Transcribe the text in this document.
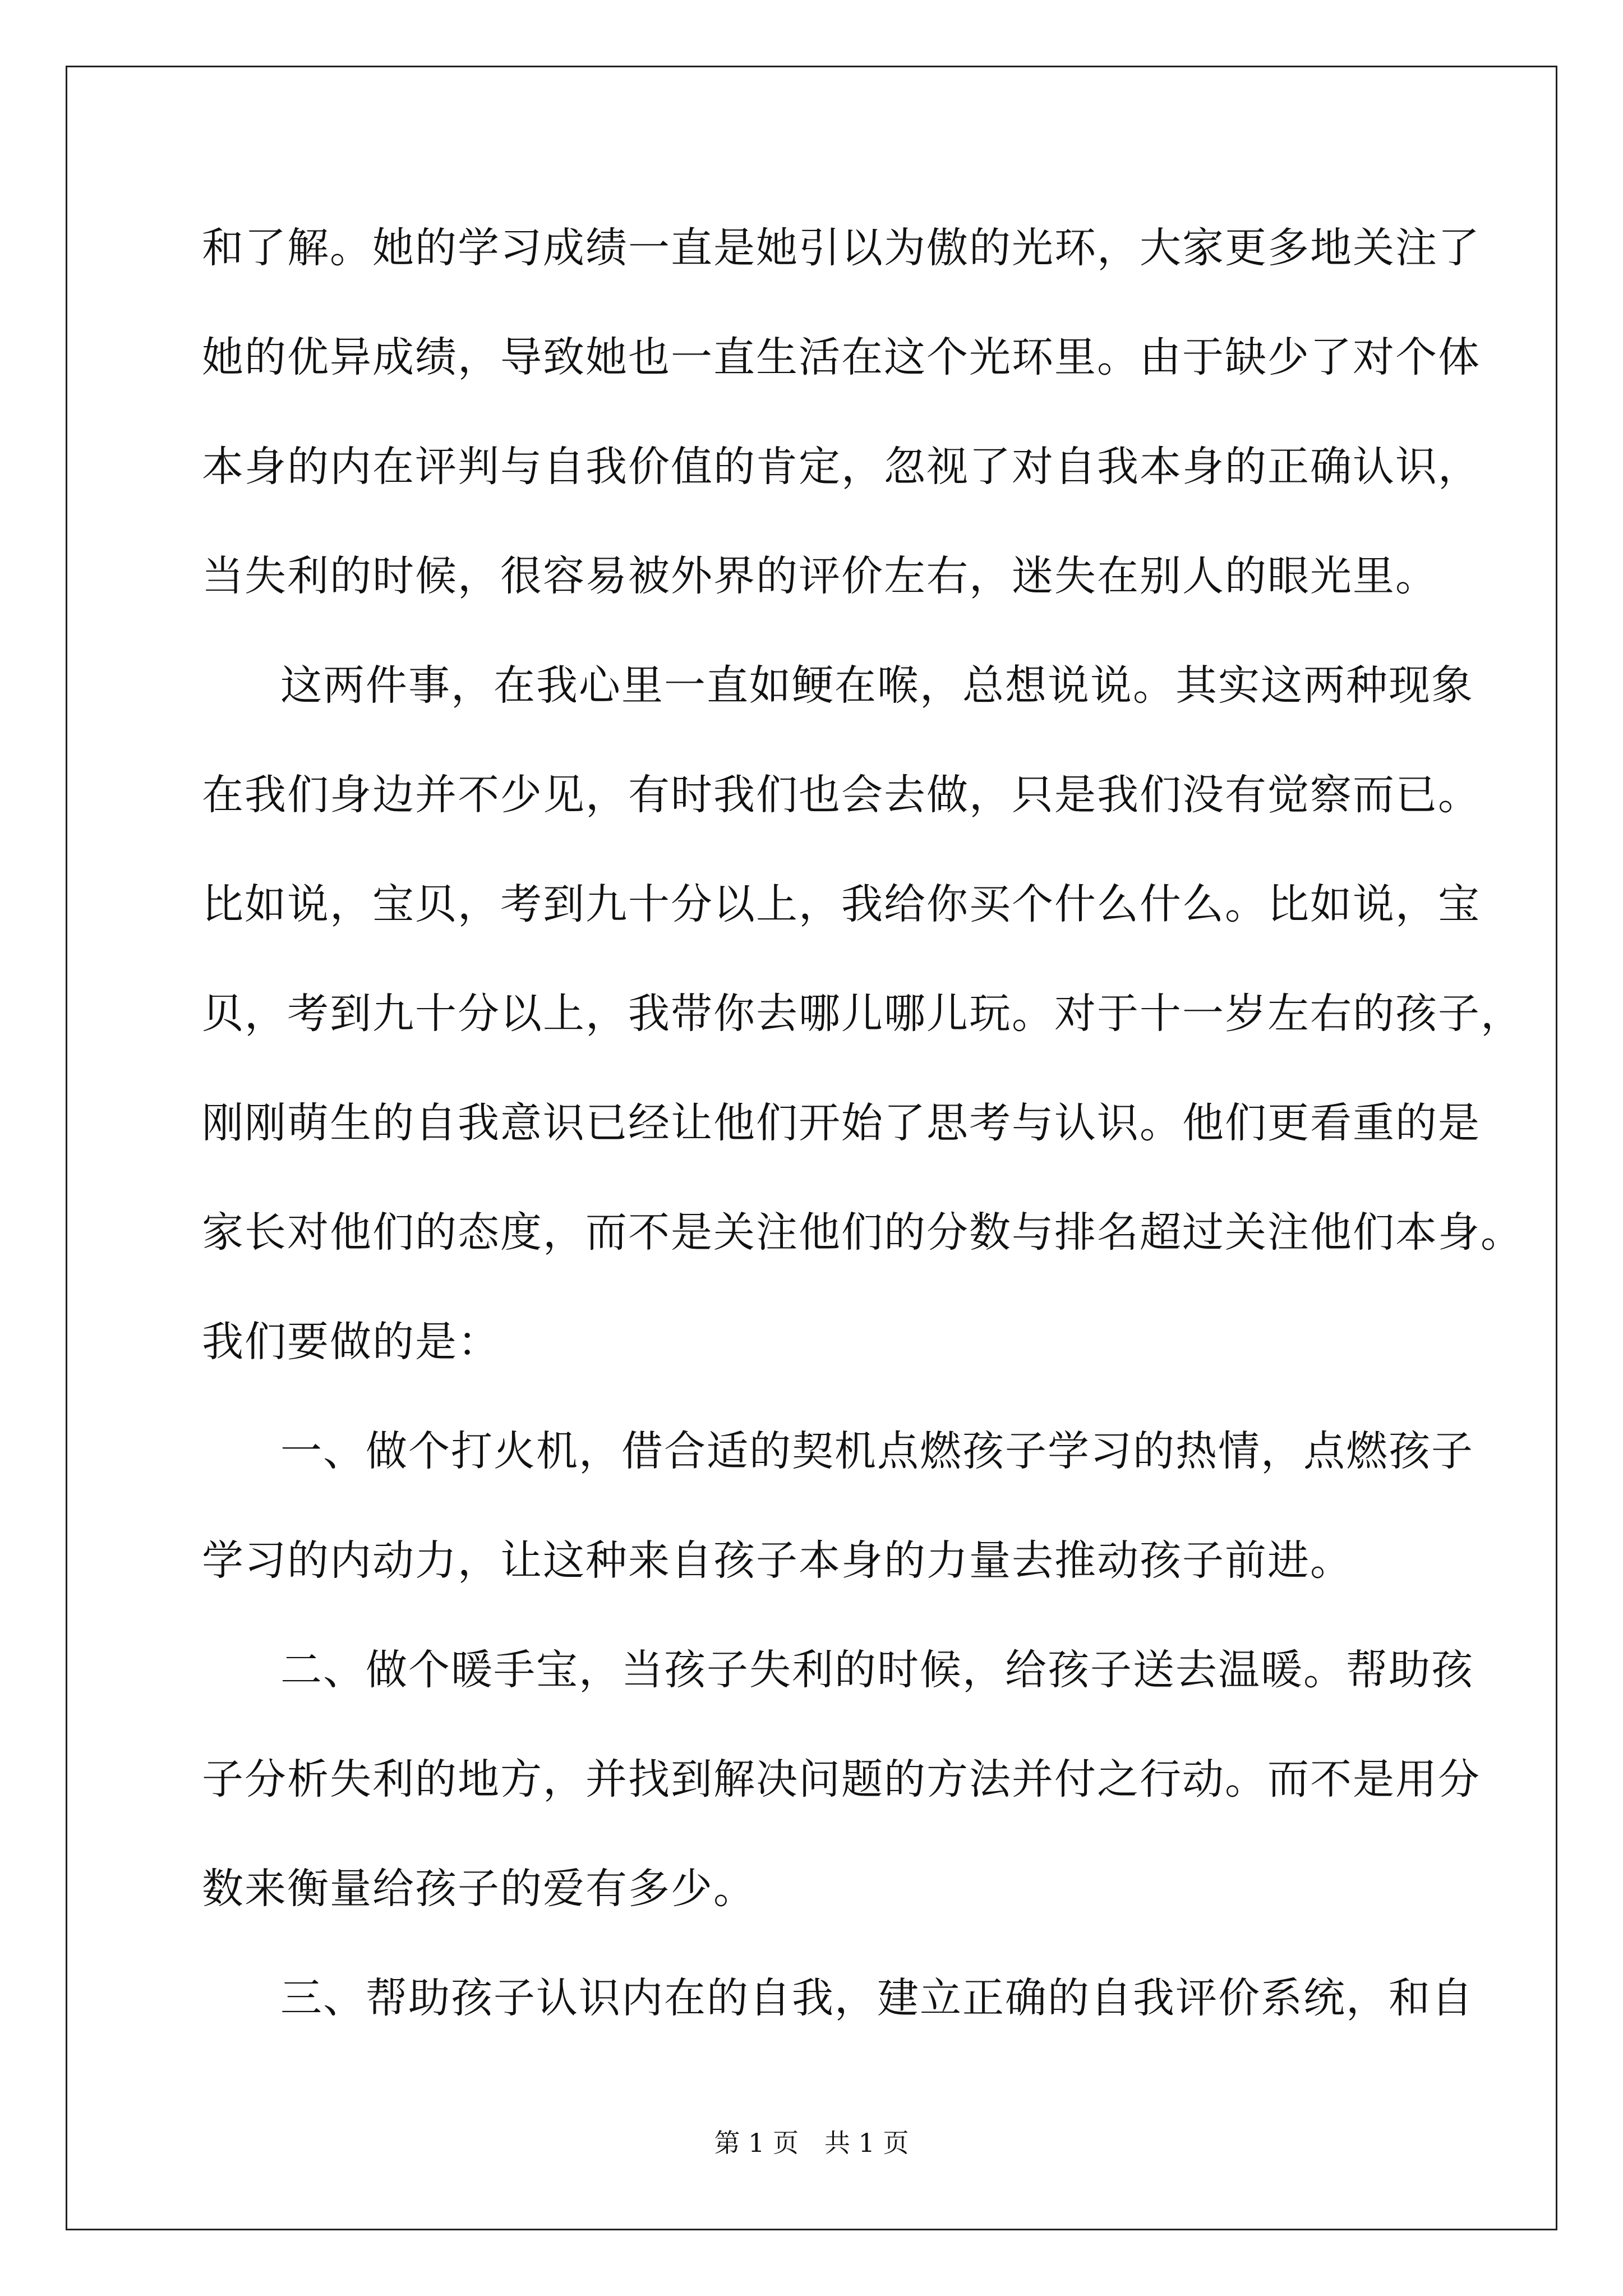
和了解。她的学习成绩一直是她引以为傲的光环，大家更多地关注了
她的优异成绩，导致她也一直生活在这个光环里。由于缺少了对个体
本身的内在评判与自我价值的肯定，忽视了对自我本身的正确认识，
当失利的时候，很容易被外界的评价左右，迷失在别人的眼光里。
这两件事，在我心里一直如鲠在喉，总想说说。其实这两种现象
在我们身边并不少见，有时我们也会去做，只是我们没有觉察而已。
比如说，宝贝，考到九十分以上，我给你买个什么什么。比如说，宝
贝，考到九十分以上，我带你去哪儿哪儿玩。对于十一岁左右的孩子，
刚刚萌生的自我意识已经让他们开始了思考与认识。他们更看重的是
家长对他们的态度，而不是关注他们的分数与排名超过关注他们本身。
我们要做的是：
一、做个打火机，借合适的契机点燃孩子学习的热情，点燃孩子
学习的内动力，让这种来自孩子本身的力量去推动孩子前进。
二、做个暖手宝，当孩子失利的时候，给孩子送去温暖。帮助孩
子分析失利的地方，并找到解决问题的方法并付之行动。而不是用分
数来衡量给孩子的爱有多少。
三、帮助孩子认识内在的自我，建立正确的自我评价系统，和自
第 1 页　共 1 页
